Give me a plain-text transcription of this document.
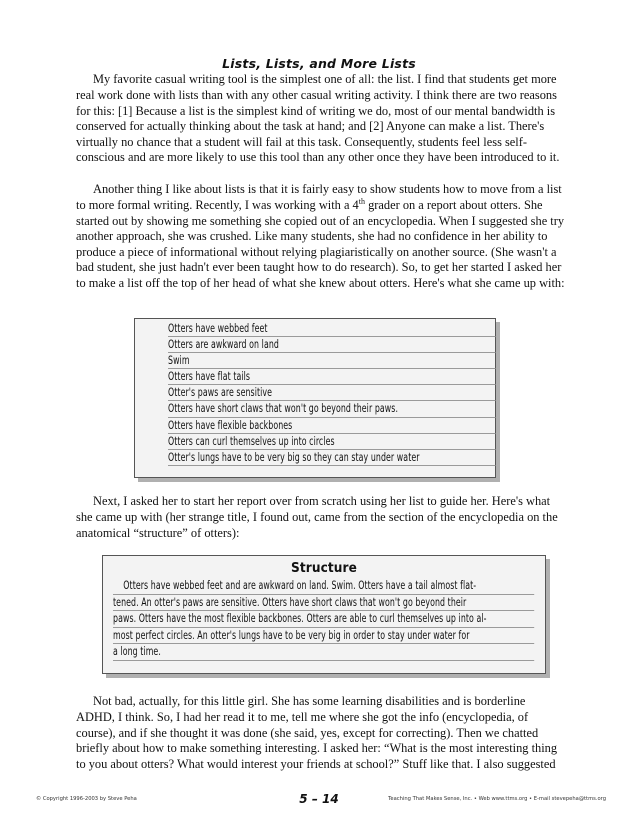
Lists, Lists, and More Lists

My favorite casual writing tool is the simplest one of all: the list. I find that students get more real work done with lists than with any other casual writing activity. I think there are two reasons for this: [1] Because a list is the simplest kind of writing we do, most of our mental bandwidth is conserved for actually thinking about the task at hand; and [2] Anyone can make a list. There's virtually no chance that a student will fail at this task. Consequently, students feel less self-conscious and are more likely to use this tool than any other once they have been introduced to it.

Another thing I like about lists is that it is fairly easy to show students how to move from a list to more formal writing. Recently, I was working with a 4th grader on a report about otters. She started out by showing me something she copied out of an encyclopedia. When I suggested she try another approach, she was crushed. Like many students, she had no confidence in her ability to produce a piece of informational without relying plagiaristically on another source. (She wasn't a bad student, she just hadn't ever been taught how to do research). So, to get her started I asked her to make a list off the top of her head of what she knew about otters. Here's what she came up with:

Otters have webbed feet
Otters are awkward on land
Swim
Otters have flat tails
Otter's paws are sensitive
Otters have short claws that won't go beyond their paws.
Otters have flexible backbones
Otters can curl themselves up into circles
Otter's lungs have to be very big so they can stay under water

Next, I asked her to start her report over from scratch using her list to guide her. Here's what she came up with (her strange title, I found out, came from the section of the encyclopedia on the anatomical “structure” of otters):

Structure
Otters have webbed feet and are awkward on land. Swim. Otters have a tail almost flat-
tened. An otter's paws are sensitive. Otters have short claws that won't go beyond their
paws. Otters have the most flexible backbones. Otters are able to curl themselves up into al-
most perfect circles. An otter's lungs have to be very big in order to stay under water for
a long time.

Not bad, actually, for this little girl. She has some learning disabilities and is borderline ADHD, I think. So, I had her read it to me, tell me where she got the info (encyclopedia, of course), and if she thought it was done (she said, yes, except for correcting). Then we chatted briefly about how to make something interesting. I asked her: “What is the most interesting thing to you about otters? What would interest your friends at school?” Stuff like that. I also suggested

© Copyright 1996-2003 by Steve Peha	5 – 14	Teaching That Makes Sense, Inc. • Web www.ttms.org • E-mail stevepeha@ttms.org
